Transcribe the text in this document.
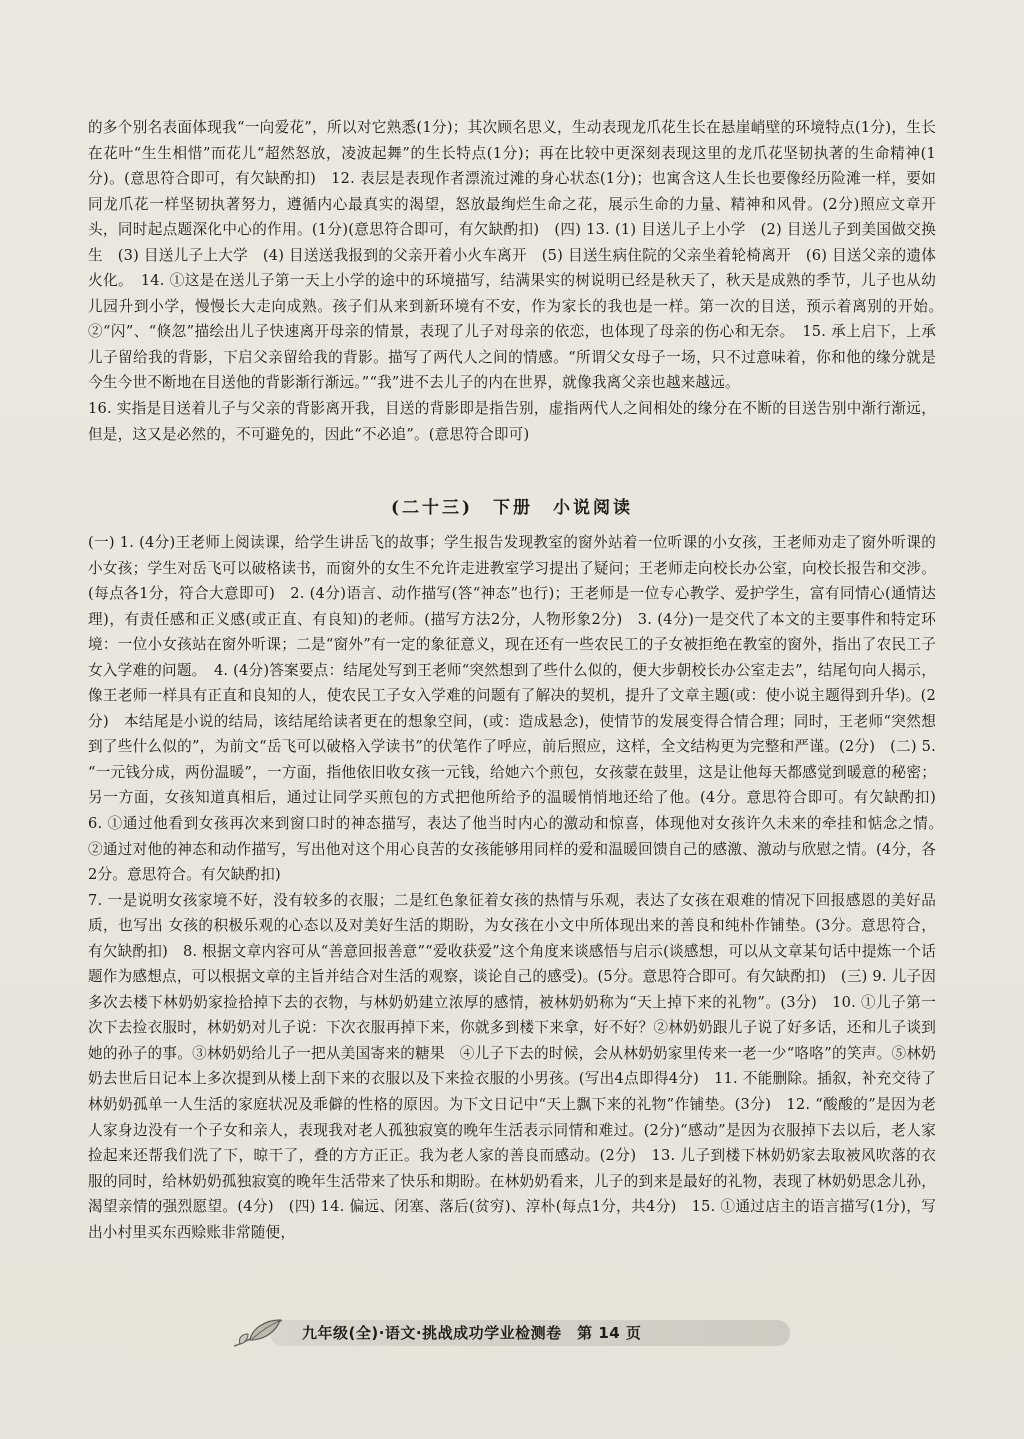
的多个别名表面体现我“一向爱花”，所以对它熟悉(1分)；其次顾名思义，生动表现龙爪花生长在悬崖峭壁的环境特点(1分)，生长在花叶“生生相惜”而花儿“超然怒放，凌波起舞”的生长特点(1分)；再在比较中更深刻表现这里的龙爪花坚韧执著的生命精神(1分)。(意思符合即可，有欠缺酌扣)　12. 表层是表现作者漂流过滩的身心状态(1分)；也寓含这人生长也要像经历险滩一样，要如同龙爪花一样坚韧执著努力，遵循内心最真实的渴望，怒放最绚烂生命之花，展示生命的力量、精神和风骨。(2分)照应文章开头，同时起点题深化中心的作用。(1分)(意思符合即可，有欠缺酌扣)　(四) 13. (1) 目送儿子上小学　(2) 目送儿子到美国做交换生　(3) 目送儿子上大学　(4) 目送送我报到的父亲开着小火车离开　(5) 目送生病住院的父亲坐着轮椅离开　(6) 目送父亲的遗体火化。　14. ①这是在送儿子第一天上小学的途中的环境描写，结满果实的树说明已经是秋天了，秋天是成熟的季节，儿子也从幼儿园升到小学，慢慢长大走向成熟。孩子们从来到新环境有不安，作为家长的我也是一样。第一次的目送，预示着离别的开始。　②“闪”、“倏忽”描绘出儿子快速离开母亲的情景，表现了儿子对母亲的依恋，也体现了母亲的伤心和无奈。　15. 承上启下，上承儿子留给我的背影，下启父亲留给我的背影。描写了两代人之间的情感。“所谓父女母子一场，只不过意味着，你和他的缘分就是今生今世不断地在目送他的背影渐行渐远。”“我”进不去儿子的内在世界，就像我离父亲也越来越远。

16. 实指是目送着儿子与父亲的背影离开我，目送的背影即是指告别，虚指两代人之间相处的缘分在不断的目送告别中渐行渐远，但是，这又是必然的，不可避免的，因此“不必追”。(意思符合即可)

(二十三)　下册　小说阅读

(一) 1. (4分)王老师上阅读课，给学生讲岳飞的故事；学生报告发现教室的窗外站着一位听课的小女孩，王老师劝走了窗外听课的小女孩；学生对岳飞可以破格读书，而窗外的女生不允许走进教室学习提出了疑问；王老师走向校长办公室，向校长报告和交涉。(每点各1分，符合大意即可)　2. (4分)语言、动作描写(答“神态”也行)；王老师是一位专心教学、爱护学生，富有同情心(通情达理)，有责任感和正义感(或正直、有良知)的老师。(描写方法2分，人物形象2分)　3. (4分)一是交代了本文的主要事件和特定环境：一位小女孩站在窗外听课；二是“窗外”有一定的象征意义，现在还有一些农民工的子女被拒绝在教室的窗外，指出了农民工子女入学难的问题。　4. (4分)答案要点：结尾处写到王老师“突然想到了些什么似的，便大步朝校长办公室走去”，结尾句向人揭示，像王老师一样具有正直和良知的人，使农民工子女入学难的问题有了解决的契机，提升了文章主题(或：使小说主题得到升华)。(2分)　本结尾是小说的结局，该结尾给读者更在的想象空间，(或：造成悬念)，使情节的发展变得合情合理；同时，王老师“突然想到了些什么似的”，为前文“岳飞可以破格入学读书”的伏笔作了呼应，前后照应，这样，全文结构更为完整和严谨。(2分)　(二) 5. “一元钱分成，两份温暖”，一方面，指他依旧收女孩一元钱，给她六个煎包，女孩蒙在鼓里，这是让他每天都感觉到暖意的秘密；另一方面，女孩知道真相后，通过让同学买煎包的方式把他所给予的温暖悄悄地还给了他。(4分。意思符合即可。有欠缺酌扣)　6. ①通过他看到女孩再次来到窗口时的神态描写，表达了他当时内心的激动和惊喜，体现他对女孩许久未来的牵挂和惦念之情。　②通过对他的神态和动作描写，写出他对这个用心良苦的女孩能够用同样的爱和温暖回馈自己的感激、激动与欣慰之情。(4分，各2分。意思符合。有欠缺酌扣)

7. 一是说明女孩家境不好，没有较多的衣服；二是红色象征着女孩的热情与乐观，表达了女孩在艰难的情况下回报感恩的美好品质，也写出 女孩的积极乐观的心态以及对美好生活的期盼，为女孩在小文中所体现出来的善良和纯朴作铺垫。(3分。意思符合，有欠缺酌扣)　8. 根据文章内容可从“善意回报善意”“爱收获爱”这个角度来谈感悟与启示(谈感想，可以从文章某句话中提炼一个话题作为感想点，可以根据文章的主旨并结合对生活的观察，谈论自己的感受)。(5分。意思符合即可。有欠缺酌扣)　(三) 9. 儿子因多次去楼下林奶奶家捡拾掉下去的衣物，与林奶奶建立浓厚的感情，被林奶奶称为“天上掉下来的礼物”。(3分)　10. ①儿子第一次下去捡衣服时，林奶奶对儿子说：下次衣服再掉下来，你就多到楼下来拿，好不好？②林奶奶跟儿子说了好多话，还和儿子谈到她的孙子的事。③林奶奶给儿子一把从美国寄来的糖果　④儿子下去的时候，会从林奶奶家里传来一老一少“咯咯”的笑声。⑤林奶奶去世后日记本上多次提到从楼上刮下来的衣服以及下来捡衣服的小男孩。(写出4点即得4分)　11. 不能删除。插叙，补充交待了林奶奶孤单一人生活的家庭状况及乖僻的性格的原因。为下文日记中“天上飘下来的礼物”作铺垫。(3分)　12. “酸酸的”是因为老人家身边没有一个子女和亲人，表现我对老人孤独寂寞的晚年生活表示同情和难过。(2分)“感动”是因为衣服掉下去以后，老人家捡起来还帮我们洗了下，晾干了，叠的方方正正。我为老人家的善良而感动。(2分)　13. 儿子到楼下林奶奶家去取被风吹落的衣服的同时，给林奶奶孤独寂寞的晚年生活带来了快乐和期盼。在林奶奶看来，儿子的到来是最好的礼物，表现了林奶奶思念儿孙，渴望亲情的强烈愿望。(4分)　(四) 14. 偏远、闭塞、落后(贫穷)、淳朴(每点1分，共4分)　15. ①通过店主的语言描写(1分)，写出小村里买东西赊账非常随便，

九年级(全)·语文·挑战成功学业检测卷　第 14 页
